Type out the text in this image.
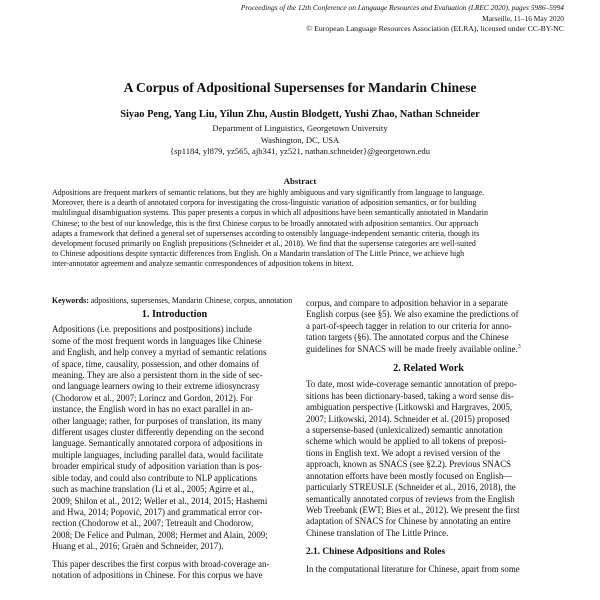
Proceedings of the 12th Conference on Language Resources and Evaluation (LREC 2020), pages 5986–5994
Marseille, 11–16 May 2020
© European Language Resources Association (ELRA), licensed under CC-BY-NC
A Corpus of Adpositional Supersenses for Mandarin Chinese
Siyao Peng, Yang Liu, Yilun Zhu, Austin Blodgett, Yushi Zhao, Nathan Schneider
Department of Linguistics, Georgetown University
Washington, DC, USA
{sp1184, yl879, yz565, ajb341, yz521, nathan.schneider}@georgetown.edu
Abstract
Adpositions are frequent markers of semantic relations, but they are highly ambiguous and vary significantly from language to language.
Moreover, there is a dearth of annotated corpora for investigating the cross-linguistic variation of adposition semantics, or for building
multilingual disambiguation systems. This paper presents a corpus in which all adpositions have been semantically annotated in Mandarin
Chinese; to the best of our knowledge, this is the first Chinese corpus to be broadly annotated with adposition semantics. Our approach
adapts a framework that defined a general set of supersenses according to ostensibly language-independent semantic criteria, though its
development focused primarily on English prepositions (Schneider et al., 2018). We find that the supersense categories are well-suited
to Chinese adpositions despite syntactic differences from English. On a Mandarin translation of The Little Prince, we achieve high
inter-annotator agreement and analyze semantic correspondences of adposition tokens in bitext.
Keywords: adpositions, supersenses, Mandarin Chinese, corpus, annotation
1. Introduction
Adpositions (i.e. prepositions and postpositions) include
some of the most frequent words in languages like Chinese
and English, and help convey a myriad of semantic relations
of space, time, causality, possession, and other domains of
meaning. They are also a persistent thorn in the side of sec-
ond language learners owing to their extreme idiosyncrasy
(Chodorow et al., 2007; Lorincz and Gordon, 2012). For
instance, the English word in has no exact parallel in an-
other language; rather, for purposes of translation, its many
different usages cluster differently depending on the second
language. Semantically annotated corpora of adpositions in
multiple languages, including parallel data, would facilitate
broader empirical study of adposition variation than is pos-
sible today, and could also contribute to NLP applications
such as machine translation (Li et al., 2005; Agirre et al.,
2009; Shilon et al., 2012; Weller et al., 2014, 2015; Hashemi
and Hwa, 2014; Popović, 2017) and grammatical error cor-
rection (Chodorow et al., 2007; Tetreault and Chodorow,
2008; De Felice and Pulman, 2008; Hermet and Alain, 2009;
Huang et al., 2016; Graën and Schneider, 2017).
This paper describes the first corpus with broad-coverage an-
notation of adpositions in Chinese. For this corpus we have
corpus, and compare to adposition behavior in a separate
English corpus (see §5). We also examine the predictions of
a part-of-speech tagger in relation to our criteria for anno-
tation targets (§6). The annotated corpus and the Chinese
guidelines for SNACS will be made freely available online.$^3$
2. Related Work
To date, most wide-coverage semantic annotation of prepo-
sitions has been dictionary-based, taking a word sense dis-
ambiguation perspective (Litkowski and Hargraves, 2005,
2007; Litkowski, 2014). Schneider et al. (2015) proposed
a supersense-based (unlexicalized) semantic annotation
scheme which would be applied to all tokens of preposi-
tions in English text. We adopt a revised version of the
approach, known as SNACS (see §2.2). Previous SNACS
annotation efforts have been mostly focused on English—
particularly STREUSLE (Schneider et al., 2016, 2018), the
semantically annotated corpus of reviews from the English
Web Treebank (EWT; Bies et al., 2012). We present the first
adaptation of SNACS for Chinese by annotating an entire
Chinese translation of The Little Prince.
2.1. Chinese Adpositions and Roles
In the computational literature for Chinese, apart from some
